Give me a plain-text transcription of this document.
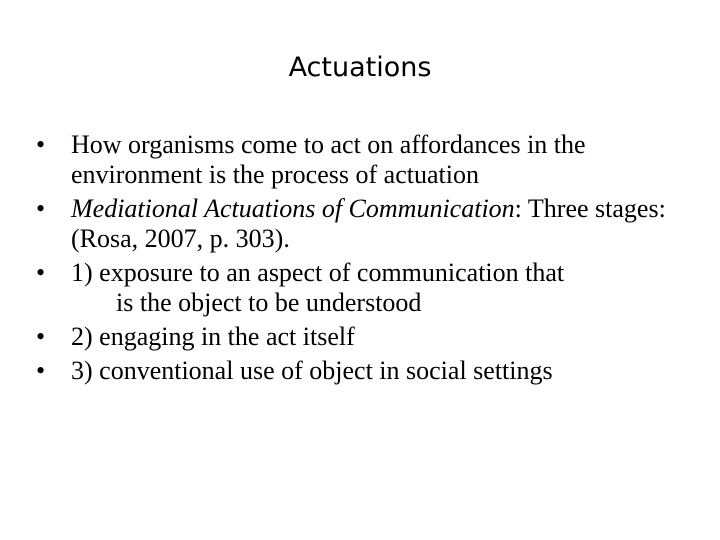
Actuations
• How organisms come to act on affordances in the environment is the process of actuation
• Mediational Actuations of Communication: Three stages: (Rosa, 2007, p. 303).
• 1) exposure to an aspect of communication that
is the object to be understood
• 2) engaging in the act itself
• 3) conventional use of object in social settings
